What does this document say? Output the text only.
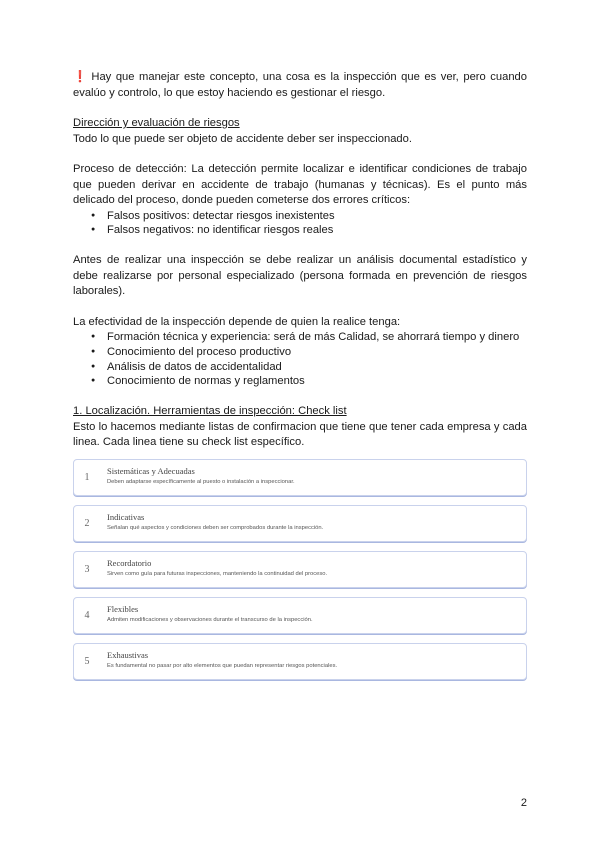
❗ Hay que manejar este concepto, una cosa es la inspección que es ver, pero cuando evalúo y controlo, lo que estoy haciendo es gestionar el riesgo.

Dirección y evaluación de riesgos

Todo lo que puede ser objeto de accidente deber ser inspeccionado.

Proceso de detección: La detección permite localizar e identificar condiciones de trabajo que pueden derivar en accidente de trabajo (humanas y técnicas). Es el punto más delicado del proceso, donde pueden cometerse dos errores críticos:

● Falsos positivos: detectar riesgos inexistentes
● Falsos negativos: no identificar riesgos reales

Antes de realizar una inspección se debe realizar un análisis documental estadístico y debe realizarse por personal especializado (persona formada en prevención de riesgos laborales).

La efectividad de la inspección depende de quien la realice tenga:

● Formación técnica y experiencia: será de más Calidad, se ahorrará tiempo y dinero
● Conocimiento del proceso productivo
● Análisis de datos de accidentalidad
● Conocimiento de normas y reglamentos

1. Localización. Herramientas de inspección: Check list

Esto lo hacemos mediante listas de confirmacion que tiene que tener cada empresa y cada linea. Cada linea tiene su check list específico.

1
Sistemáticas y Adecuadas
Deben adaptarse específicamente al puesto o instalación a inspeccionar.
2
Indicativas
Señalan qué aspectos y condiciones deben ser comprobados durante la inspección.
3
Recordatorio
Sirven como guía para futuras inspecciones, manteniendo la continuidad del proceso.
4
Flexibles
Admiten modificaciones y observaciones durante el transcurso de la inspección.
5
Exhaustivas
Es fundamental no pasar por alto elementos que puedan representar riesgos potenciales.
2
